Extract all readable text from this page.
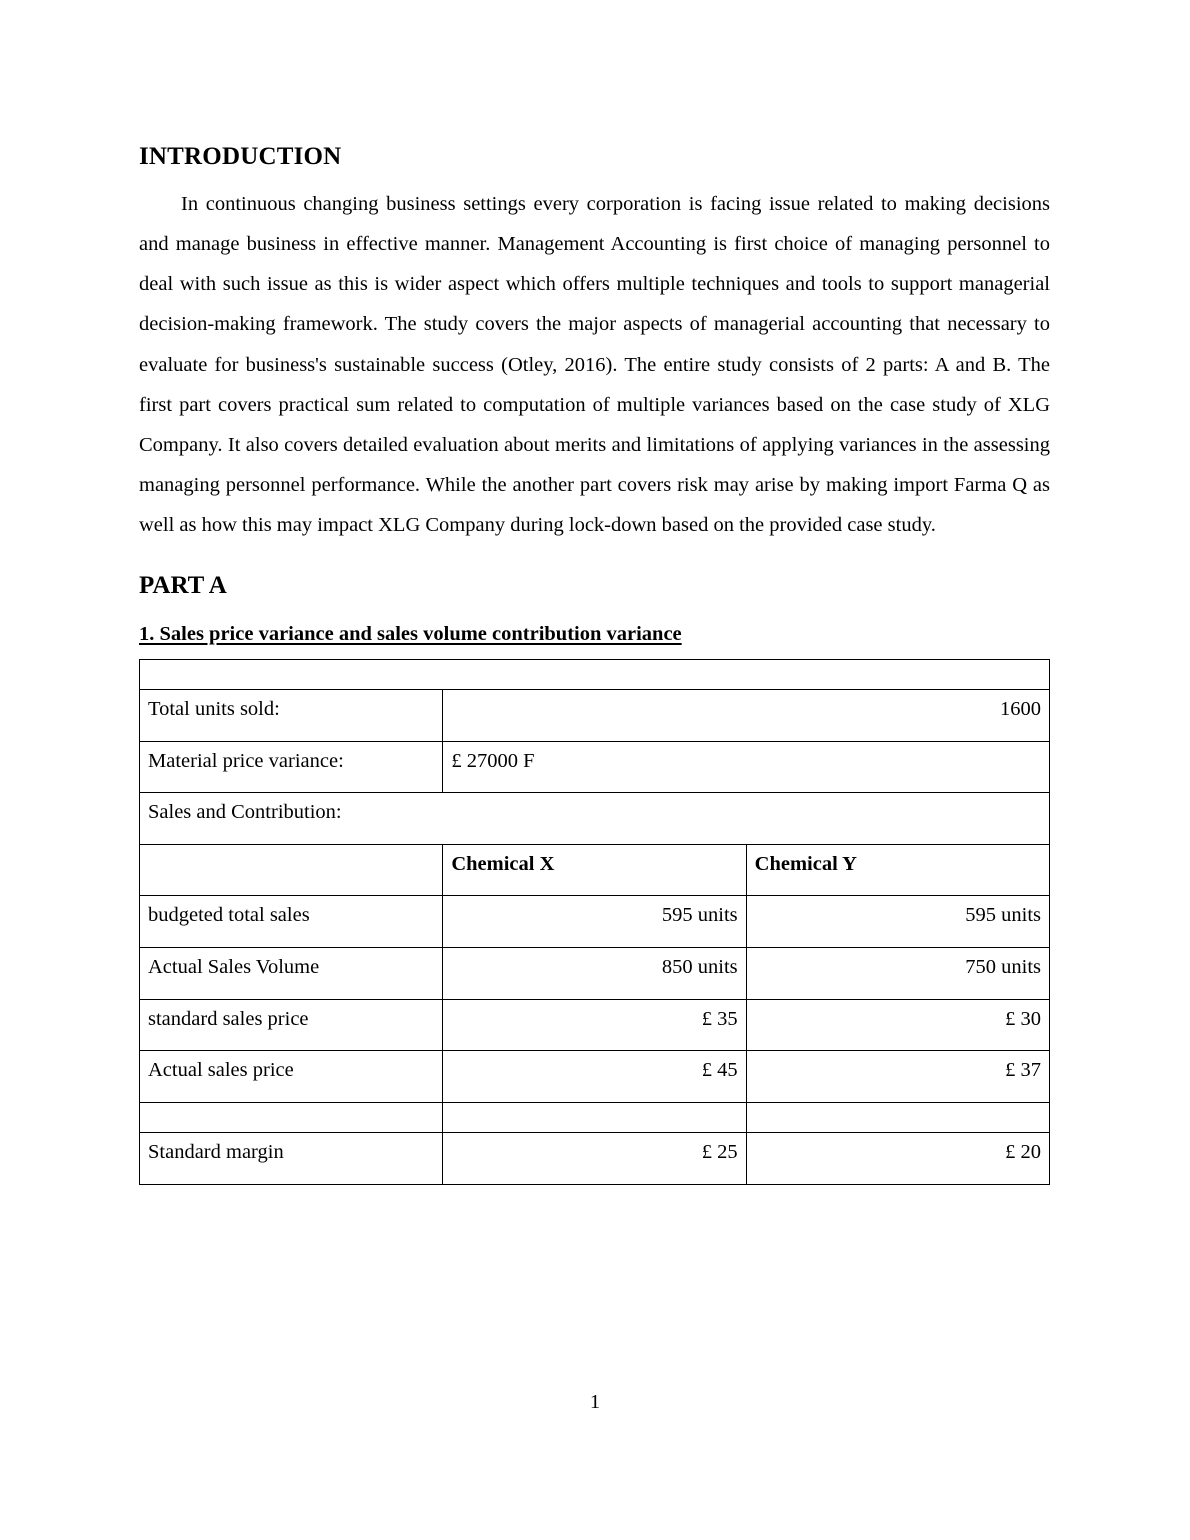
INTRODUCTION

In continuous changing business settings every corporation is facing issue related to making decisions and manage business in effective manner. Management Accounting is first choice of managing personnel to deal with such issue as this is wider aspect which offers multiple techniques and tools to support managerial decision-making framework. The study covers the major aspects of managerial accounting that necessary to evaluate for business's sustainable success (Otley, 2016). The entire study consists of 2 parts: A and B. The first part covers practical sum related to computation of multiple variances based on the case study of XLG Company. It also covers detailed evaluation about merits and limitations of applying variances in the assessing managing personnel performance. While the another part covers risk may arise by making import Farma Q as well as how this may impact XLG Company during lock-down based on the provided case study.

PART A
1. Sales price variance and sales volume contribution variance

Total units sold:	1600	
Material price variance:	£ 27000 F	
Sales and Contribution:		
	Chemical X	Chemical Y
budgeted total sales	595 units	595 units
Actual Sales Volume	850 units	750 units
standard sales price	£ 35	£ 30
Actual sales price	£ 45	£ 37

Standard margin	£ 25	£ 20
1
